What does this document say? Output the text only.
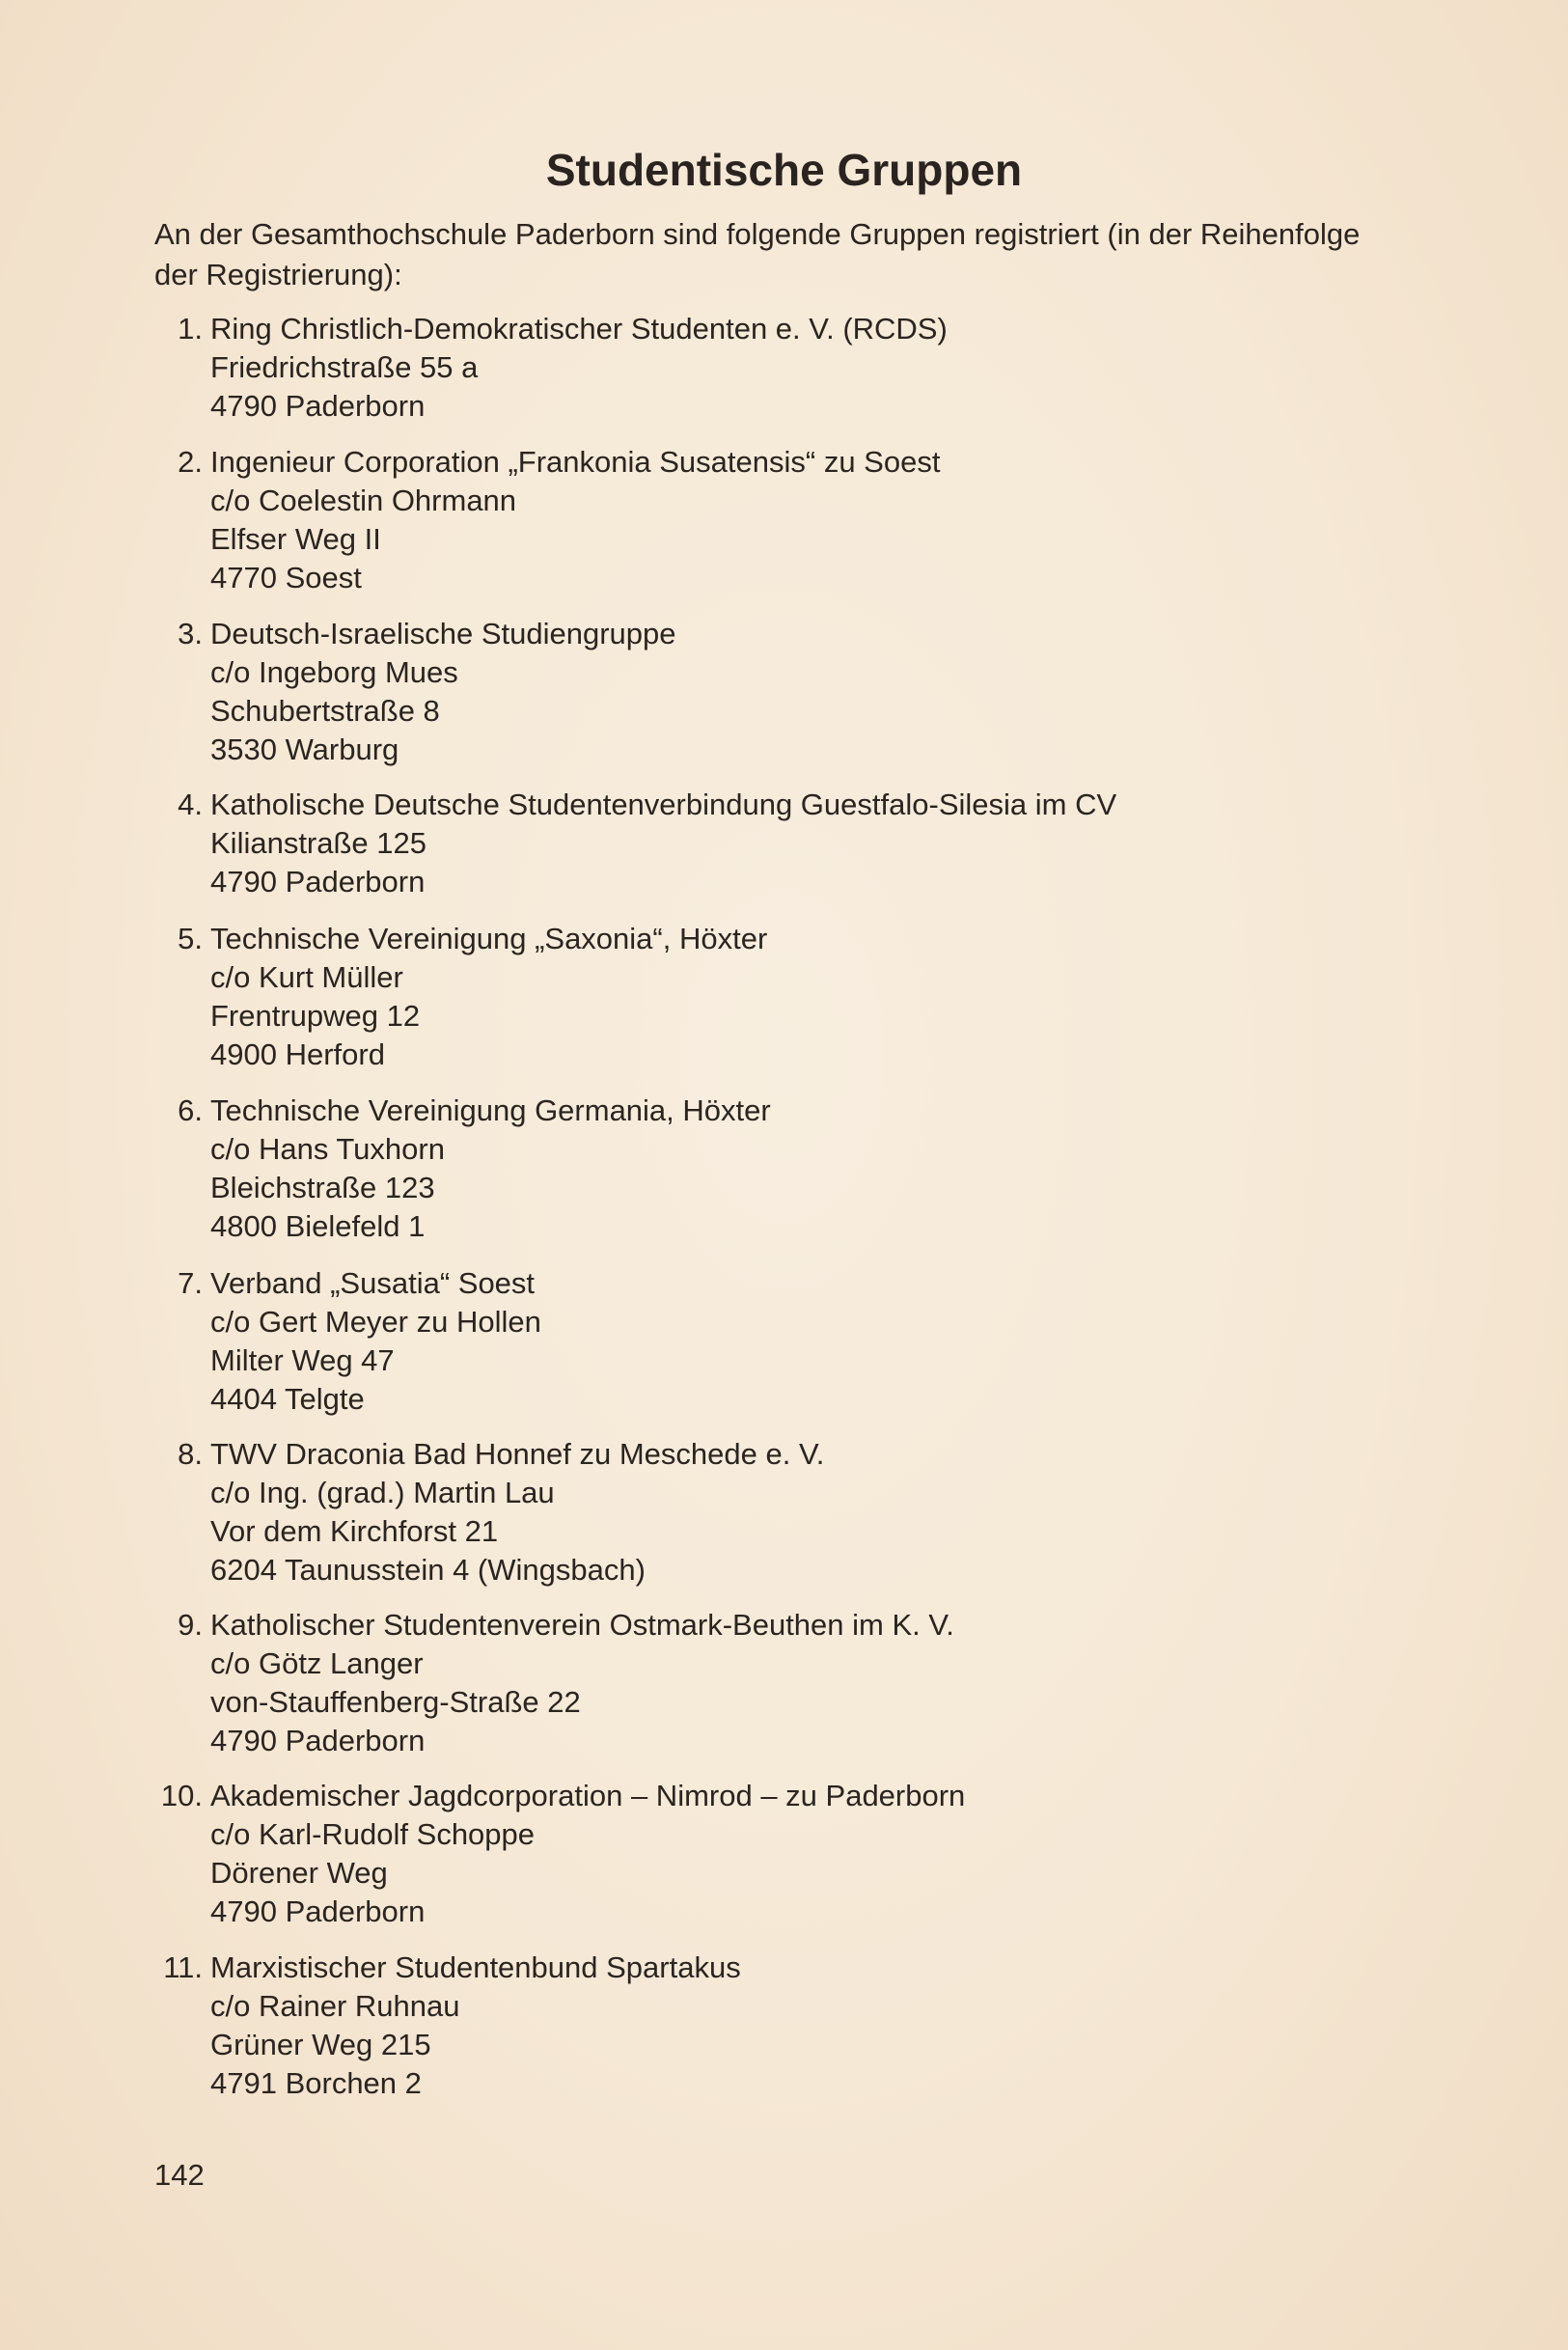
Studentische Gruppen
An der Gesamthochschule Paderborn sind folgende Gruppen registriert (in der Reihenfolge der Registrierung):
1. Ring Christlich-Demokratischer Studenten e. V. (RCDS)
Friedrichstraße 55 a
4790 Paderborn
2. Ingenieur Corporation „Frankonia Susatensis“ zu Soest
c/o Coelestin Ohrmann
Elfser Weg II
4770 Soest
3. Deutsch-Israelische Studiengruppe
c/o Ingeborg Mues
Schubertstraße 8
3530 Warburg
4. Katholische Deutsche Studentenverbindung Guestfalo-Silesia im CV
Kilianstraße 125
4790 Paderborn
5. Technische Vereinigung „Saxonia“, Höxter
c/o Kurt Müller
Frentrupweg 12
4900 Herford
6. Technische Vereinigung Germania, Höxter
c/o Hans Tuxhorn
Bleichstraße 123
4800 Bielefeld 1
7. Verband „Susatia“ Soest
c/o Gert Meyer zu Hollen
Milter Weg 47
4404 Telgte
8. TWV Draconia Bad Honnef zu Meschede e. V.
c/o Ing. (grad.) Martin Lau
Vor dem Kirchforst 21
6204 Taunusstein 4 (Wingsbach)
9. Katholischer Studentenverein Ostmark-Beuthen im K. V.
c/o Götz Langer
von-Stauffenberg-Straße 22
4790 Paderborn
10. Akademischer Jagdcorporation – Nimrod – zu Paderborn
c/o Karl-Rudolf Schoppe
Dörener Weg
4790 Paderborn
11. Marxistischer Studentenbund Spartakus
c/o Rainer Ruhnau
Grüner Weg 215
4791 Borchen 2
142
